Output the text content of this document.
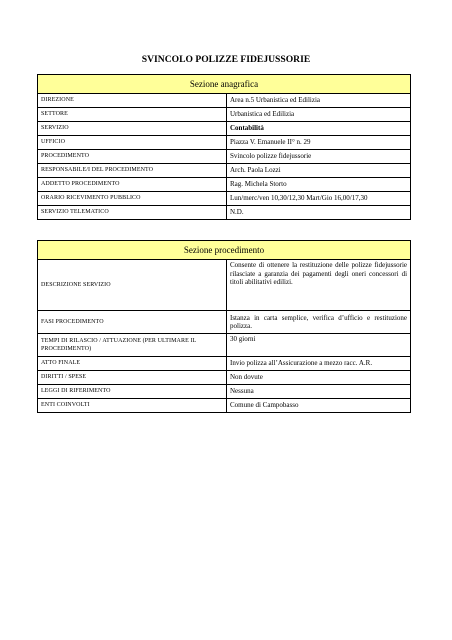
SVINCOLO POLIZZE FIDEJUSSORIE
Sezione anagrafica	
DIREZIONE	Area n.5 Urbanistica ed Edilizia
SETTORE	Urbanistica ed Edilizia
SERVIZIO	Contabilità
UFFICIO	Piazza V. Emanuele II° n. 29
PROCEDIMENTO	Svincolo polizze fidejussorie
RESPONSABILE/I DEL PROCEDIMENTO	Arch. Paola Lozzi
ADDETTO PROCEDIMENTO	Rag. Michela Storto
ORARIO RICEVIMENTO PUBBLICO	Lun/merc/ven 10,30/12,30 Mart/Gio 16,00/17,30
SERVIZIO TELEMATICO	N.D.
Sezione procedimento	
DESCRIZIONE SERVIZIO	Consente di ottenere la restituzione delle polizze fidejussorie rilasciate a garanzia dei pagamenti degli oneri concessori di titoli abilitativi edilizi.
FASI PROCEDIMENTO	Istanza in carta semplice, verifica d’ufficio e restituzione polizza.
TEMPI DI RILASCIO / ATTUAZIONE (PER ULTIMARE IL PROCEDIMENTO)	30 giorni
ATTO FINALE	Invio polizza all’Assicurazione a mezzo racc. A.R.
DIRITTI / SPESE	Non dovute
LEGGI DI RIFERIMENTO	Nessuna
ENTI COINVOLTI	Comune di Campobasso
